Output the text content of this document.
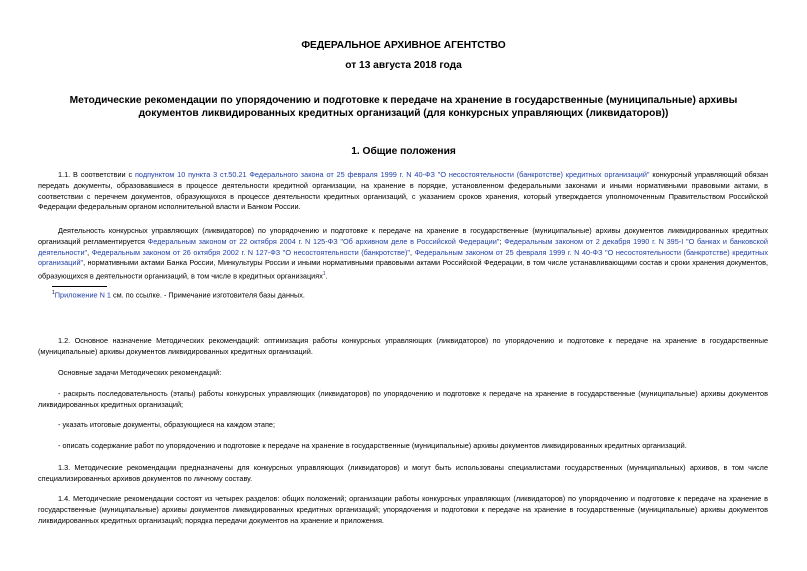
ФЕДЕРАЛЬНОЕ АРХИВНОЕ АГЕНТСТВО
от 13 августа 2018 года
Методические рекомендации по упорядочению и подготовке к передаче на хранение в государственные (муниципальные) архивы документов ликвидированных кредитных организаций (для конкурсных управляющих (ликвидаторов))
1. Общие положения

1.1. В соответствии с подпунктом 10 пункта 3 ст.50.21 Федерального закона от 25 февраля 1999 г. N 40-ФЗ "О несостоятельности (банкротстве) кредитных организаций" конкурсный управляющий обязан передать документы, образовавшиеся в процессе деятельности кредитной организации, на хранение в порядке, установленном федеральными законами и иными нормативными правовыми актами, в соответствии с перечнем документов, образующихся в процессе деятельности кредитных организаций, с указанием сроков хранения, который утверждается уполномоченным Правительством Российской Федерации федеральным органом исполнительной власти и Банком России.

Деятельность конкурсных управляющих (ликвидаторов) по упорядочению и подготовке к передаче на хранение в государственные (муниципальные) архивы документов ликвидированных кредитных организаций регламентируется Федеральным законом от 22 октября 2004 г. N 125-ФЗ "Об архивном деле в Российской Федерации"; Федеральным законом от 2 декабря 1990 г. N 395-I "О банках и банковской деятельности", Федеральным законом от 26 октября 2002 г. N 127-ФЗ "О несостоятельности (банкротстве)", Федеральным законом от 25 февраля 1999 г. N 40-ФЗ "О несостоятельности (банкротстве) кредитных организаций", нормативными актами Банка России, Минкультуры России и иными нормативными правовыми актами Российской Федерации, в том числе устанавливающими состав и сроки хранения документов, образующихся в деятельности организаций, в том числе в кредитных организациях$^1$.

$^1$Приложение N 1 см. по ссылке. - Примечание изготовителя базы данных.

1.2. Основное назначение Методических рекомендаций: оптимизация работы конкурсных управляющих (ликвидаторов) по упорядочению и подготовке к передаче на хранение в государственные (муниципальные) архивы документов ликвидированных кредитных организаций.

Основные задачи Методических рекомендаций:

- раскрыть последовательность (этапы) работы конкурсных управляющих (ликвидаторов) по упорядочению и подготовке к передаче на хранение в государственные (муниципальные) архивы документов ликвидированных кредитных организаций;

- указать итоговые документы, образующиеся на каждом этапе;

- описать содержание работ по упорядочению и подготовке к передаче на хранение в государственные (муниципальные) архивы документов ликвидированных кредитных организаций.

1.3. Методические рекомендации предназначены для конкурсных управляющих (ликвидаторов) и могут быть использованы специалистами государственных (муниципальных) архивов, в том числе специализированных архивов документов по личному составу.

1.4. Методические рекомендации состоят из четырех разделов: общих положений; организации работы конкурсных управляющих (ликвидаторов) по упорядочению и подготовке к передаче на хранение в государственные (муниципальные) архивы документов ликвидированных кредитных организаций; упорядочения и подготовки к передаче на хранение в государственные (муниципальные) архивы документов ликвидированных кредитных организаций; порядка передачи документов на хранение и приложения.
